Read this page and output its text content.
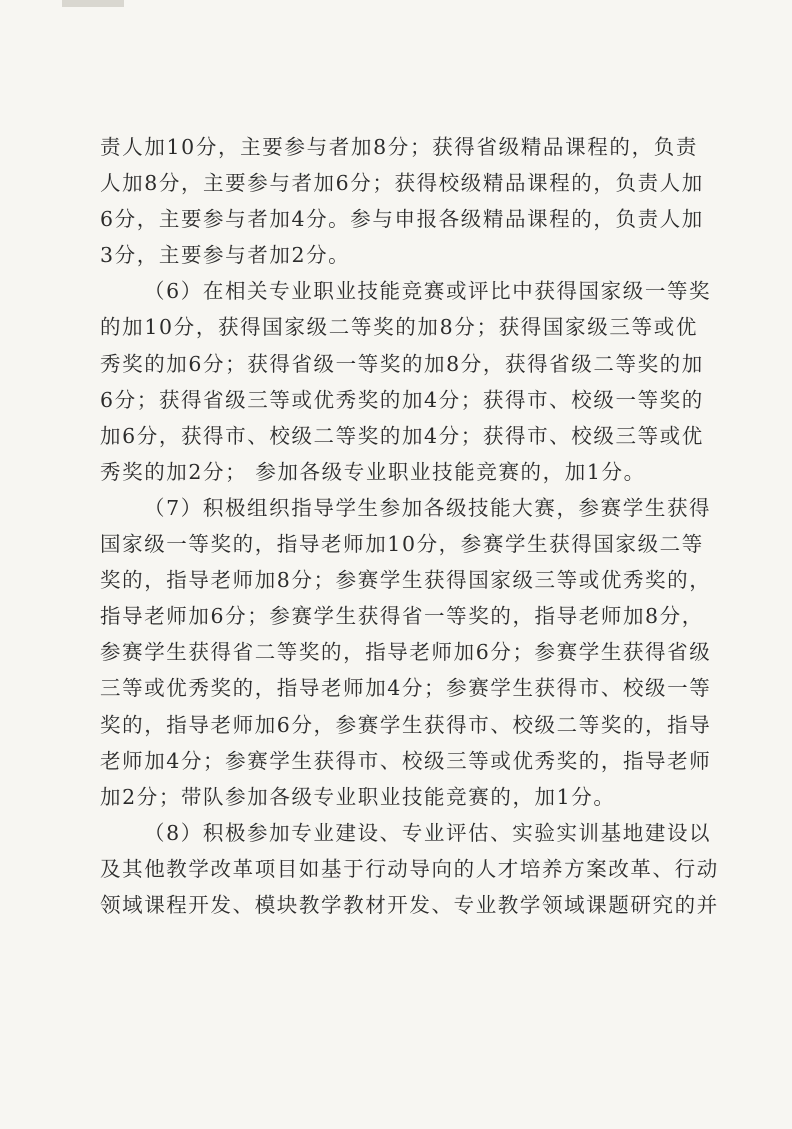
责人加10分，主要参与者加8分；获得省级精品课程的，负责
人加8分，主要参与者加6分；获得校级精品课程的，负责人加
6分，主要参与者加4分。参与申报各级精品课程的，负责人加
3分，主要参与者加2分。

（6）在相关专业职业技能竞赛或评比中获得国家级一等奖
的加10分，获得国家级二等奖的加8分；获得国家级三等或优
秀奖的加6分；获得省级一等奖的加8分，获得省级二等奖的加
6分；获得省级三等或优秀奖的加4分；获得市、校级一等奖的
加6分，获得市、校级二等奖的加4分；获得市、校级三等或优
秀奖的加2分； 参加各级专业职业技能竞赛的，加1分。

（7）积极组织指导学生参加各级技能大赛，参赛学生获得
国家级一等奖的，指导老师加10分，参赛学生获得国家级二等
奖的，指导老师加8分；参赛学生获得国家级三等或优秀奖的，
指导老师加6分；参赛学生获得省一等奖的，指导老师加8分，
参赛学生获得省二等奖的，指导老师加6分；参赛学生获得省级
三等或优秀奖的，指导老师加4分；参赛学生获得市、校级一等
奖的，指导老师加6分，参赛学生获得市、校级二等奖的，指导
老师加4分；参赛学生获得市、校级三等或优秀奖的，指导老师
加2分；带队参加各级专业职业技能竞赛的，加1分。

（8）积极参加专业建设、专业评估、实验实训基地建设以
及其他教学改革项目如基于行动导向的人才培养方案改革、行动
领域课程开发、模块教学教材开发、专业教学领域课题研究的并
